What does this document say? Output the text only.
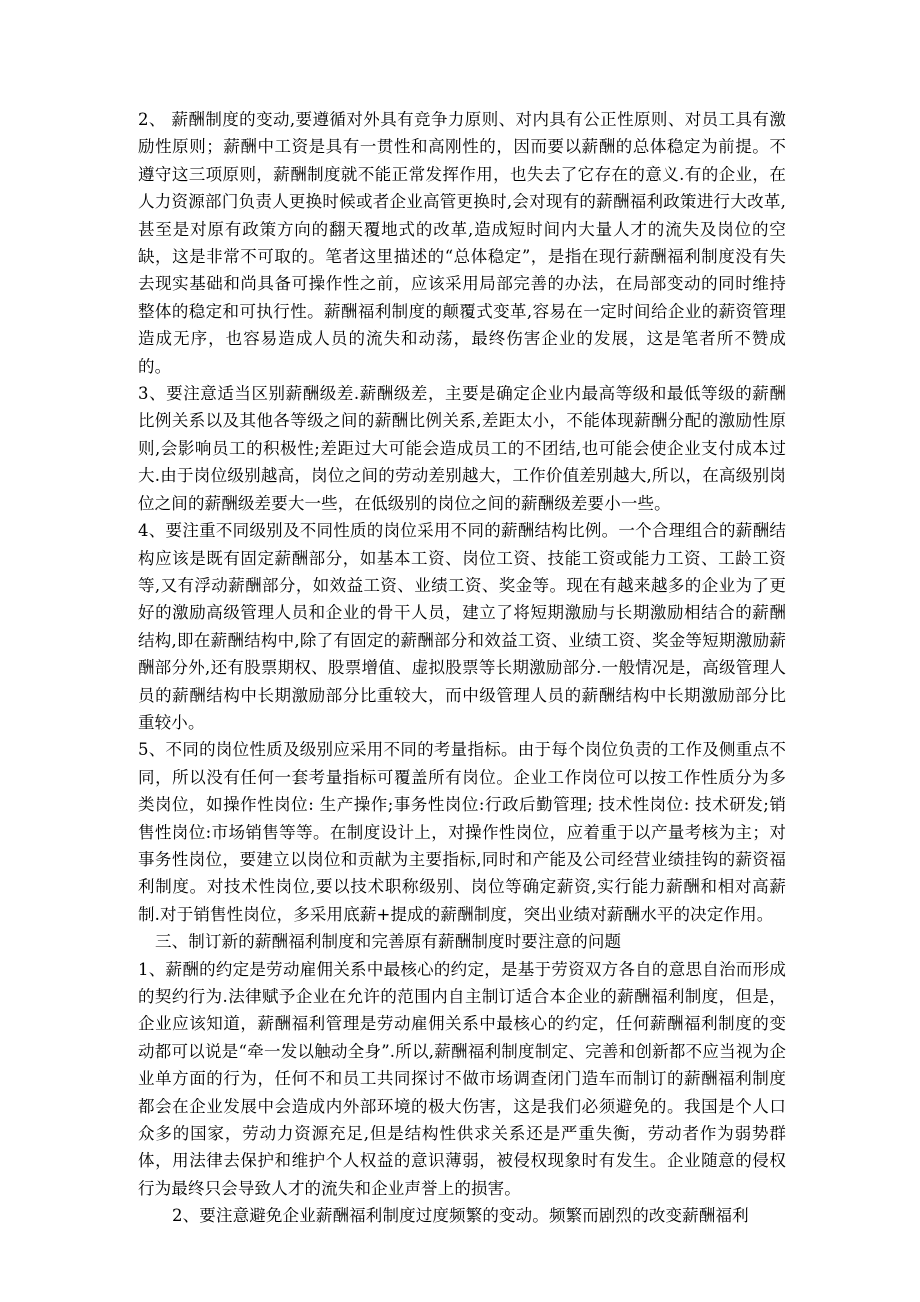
2、 薪酬制度的变动,要遵循对外具有竞争力原则、对内具有公正性原则、对员工具有激励性原则；薪酬中工资是具有一贯性和高刚性的，因而要以薪酬的总体稳定为前提。不遵守这三项原则，薪酬制度就不能正常发挥作用，也失去了它存在的意义.有的企业，在人力资源部门负责人更换时候或者企业高管更换时,会对现有的薪酬福利政策进行大改革,甚至是对原有政策方向的翻天覆地式的改革,造成短时间内大量人才的流失及岗位的空缺，这是非常不可取的。笔者这里描述的“总体稳定”，是指在现行薪酬福利制度没有失去现实基础和尚具备可操作性之前，应该采用局部完善的办法，在局部变动的同时维持整体的稳定和可执行性。薪酬福利制度的颠覆式变革,容易在一定时间给企业的薪资管理造成无序，也容易造成人员的流失和动荡，最终伤害企业的发展，这是笔者所不赞成的。

3、要注意适当区别薪酬级差.薪酬级差，主要是确定企业内最高等级和最低等级的薪酬比例关系以及其他各等级之间的薪酬比例关系,差距太小，不能体现薪酬分配的激励性原则,会影响员工的积极性;差距过大可能会造成员工的不团结,也可能会使企业支付成本过大.由于岗位级别越高，岗位之间的劳动差别越大，工作价值差别越大,所以，在高级别岗位之间的薪酬级差要大一些，在低级别的岗位之间的薪酬级差要小一些。

4、要注重不同级别及不同性质的岗位采用不同的薪酬结构比例。一个合理组合的薪酬结构应该是既有固定薪酬部分，如基本工资、岗位工资、技能工资或能力工资、工龄工资等,又有浮动薪酬部分，如效益工资、业绩工资、奖金等。现在有越来越多的企业为了更好的激励高级管理人员和企业的骨干人员，建立了将短期激励与长期激励相结合的薪酬结构,即在薪酬结构中,除了有固定的薪酬部分和效益工资、业绩工资、奖金等短期激励薪酬部分外,还有股票期权、股票增值、虚拟股票等长期激励部分.一般情况是，高级管理人员的薪酬结构中长期激励部分比重较大，而中级管理人员的薪酬结构中长期激励部分比重较小。

5、不同的岗位性质及级别应采用不同的考量指标。由于每个岗位负责的工作及侧重点不同，所以没有任何一套考量指标可覆盖所有岗位。企业工作岗位可以按工作性质分为多类岗位，如操作性岗位: 生产操作;事务性岗位:行政后勤管理; 技术性岗位: 技术研发;销售性岗位:市场销售等等。在制度设计上，对操作性岗位，应着重于以产量考核为主；对事务性岗位，要建立以岗位和贡献为主要指标,同时和产能及公司经营业绩挂钩的薪资福利制度。对技术性岗位,要以技术职称级别、岗位等确定薪资,实行能力薪酬和相对高薪制.对于销售性岗位，多采用底薪+提成的薪酬制度，突出业绩对薪酬水平的决定作用。

三、制订新的薪酬福利制度和完善原有薪酬制度时要注意的问题

1、薪酬的约定是劳动雇佣关系中最核心的约定，是基于劳资双方各自的意思自治而形成的契约行为.法律赋予企业在允许的范围内自主制订适合本企业的薪酬福利制度，但是，企业应该知道，薪酬福利管理是劳动雇佣关系中最核心的约定，任何薪酬福利制度的变动都可以说是“牵一发以触动全身”.所以,薪酬福利制度制定、完善和创新都不应当视为企业单方面的行为，任何不和员工共同探讨不做市场调查闭门造车而制订的薪酬福利制度都会在企业发展中会造成内外部环境的极大伤害，这是我们必须避免的。我国是个人口众多的国家，劳动力资源充足,但是结构性供求关系还是严重失衡，劳动者作为弱势群体，用法律去保护和维护个人权益的意识薄弱，被侵权现象时有发生。企业随意的侵权行为最终只会导致人才的流失和企业声誉上的损害。

2、要注意避免企业薪酬福利制度过度频繁的变动。频繁而剧烈的改变薪酬福利
